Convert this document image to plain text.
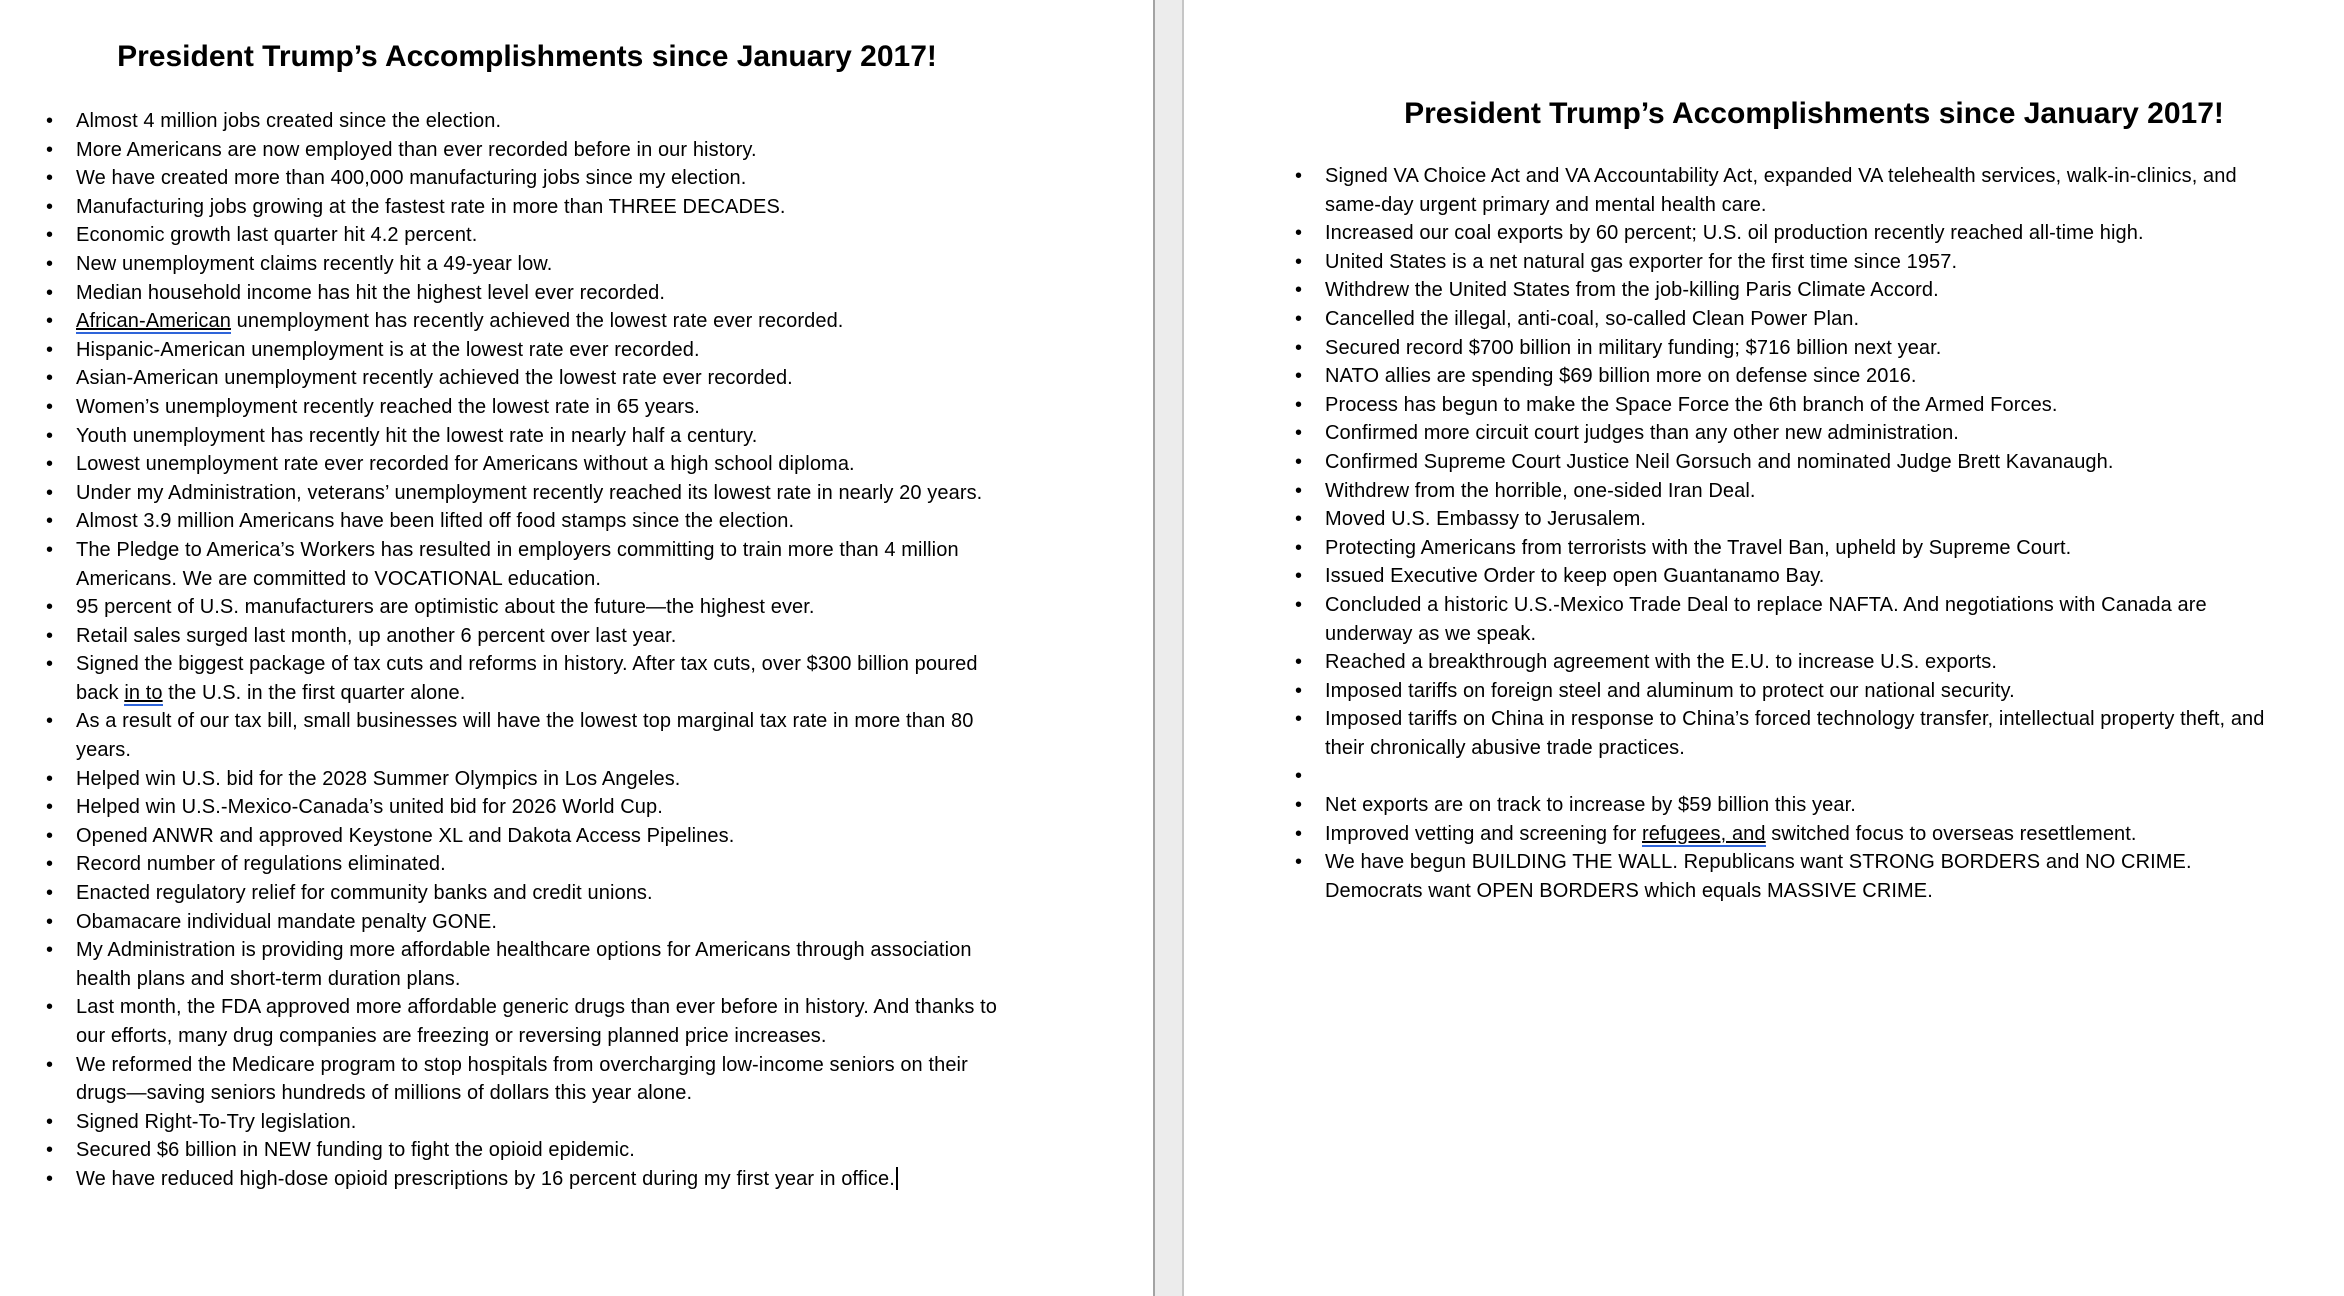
President Trump’s Accomplishments since January 2017!
• Almost 4 million jobs created since the election.
• More Americans are now employed than ever recorded before in our history.
• We have created more than 400,000 manufacturing jobs since my election.
• Manufacturing jobs growing at the fastest rate in more than THREE DECADES.
• Economic growth last quarter hit 4.2 percent.
• New unemployment claims recently hit a 49-year low.
• Median household income has hit the highest level ever recorded.
• African-American unemployment has recently achieved the lowest rate ever recorded.
• Hispanic-American unemployment is at the lowest rate ever recorded.
• Asian-American unemployment recently achieved the lowest rate ever recorded.
• Women’s unemployment recently reached the lowest rate in 65 years.
• Youth unemployment has recently hit the lowest rate in nearly half a century.
• Lowest unemployment rate ever recorded for Americans without a high school diploma.
• Under my Administration, veterans’ unemployment recently reached its lowest rate in nearly 20 years.
• Almost 3.9 million Americans have been lifted off food stamps since the election.
• The Pledge to America’s Workers has resulted in employers committing to train more than 4 million Americans. We are committed to VOCATIONAL education.
• 95 percent of U.S. manufacturers are optimistic about the future—the highest ever.
• Retail sales surged last month, up another 6 percent over last year.
• Signed the biggest package of tax cuts and reforms in history. After tax cuts, over $300 billion poured back in to the U.S. in the first quarter alone.
• As a result of our tax bill, small businesses will have the lowest top marginal tax rate in more than 80 years.
• Helped win U.S. bid for the 2028 Summer Olympics in Los Angeles.
• Helped win U.S.-Mexico-Canada’s united bid for 2026 World Cup.
• Opened ANWR and approved Keystone XL and Dakota Access Pipelines.
• Record number of regulations eliminated.
• Enacted regulatory relief for community banks and credit unions.
• Obamacare individual mandate penalty GONE.
• My Administration is providing more affordable healthcare options for Americans through association health plans and short-term duration plans.
• Last month, the FDA approved more affordable generic drugs than ever before in history. And thanks to our efforts, many drug companies are freezing or reversing planned price increases.
• We reformed the Medicare program to stop hospitals from overcharging low-income seniors on their drugs—saving seniors hundreds of millions of dollars this year alone.
• Signed Right-To-Try legislation.
• Secured $6 billion in NEW funding to fight the opioid epidemic.
• We have reduced high-dose opioid prescriptions by 16 percent during my first year in office.
President Trump’s Accomplishments since January 2017!
• Signed VA Choice Act and VA Accountability Act, expanded VA telehealth services, walk-in-clinics, and same-day urgent primary and mental health care.
• Increased our coal exports by 60 percent; U.S. oil production recently reached all-time high.
• United States is a net natural gas exporter for the first time since 1957.
• Withdrew the United States from the job-killing Paris Climate Accord.
• Cancelled the illegal, anti-coal, so-called Clean Power Plan.
• Secured record $700 billion in military funding; $716 billion next year.
• NATO allies are spending $69 billion more on defense since 2016.
• Process has begun to make the Space Force the 6th branch of the Armed Forces.
• Confirmed more circuit court judges than any other new administration.
• Confirmed Supreme Court Justice Neil Gorsuch and nominated Judge Brett Kavanaugh.
• Withdrew from the horrible, one-sided Iran Deal.
• Moved U.S. Embassy to Jerusalem.
• Protecting Americans from terrorists with the Travel Ban, upheld by Supreme Court.
• Issued Executive Order to keep open Guantanamo Bay.
• Concluded a historic U.S.-Mexico Trade Deal to replace NAFTA. And negotiations with Canada are underway as we speak.
• Reached a breakthrough agreement with the E.U. to increase U.S. exports.
• Imposed tariffs on foreign steel and aluminum to protect our national security.
• Imposed tariffs on China in response to China’s forced technology transfer, intellectual property theft, and their chronically abusive trade practices.
•
• Net exports are on track to increase by $59 billion this year.
• Improved vetting and screening for refugees, and switched focus to overseas resettlement.
• We have begun BUILDING THE WALL. Republicans want STRONG BORDERS and NO CRIME. Democrats want OPEN BORDERS which equals MASSIVE CRIME.
